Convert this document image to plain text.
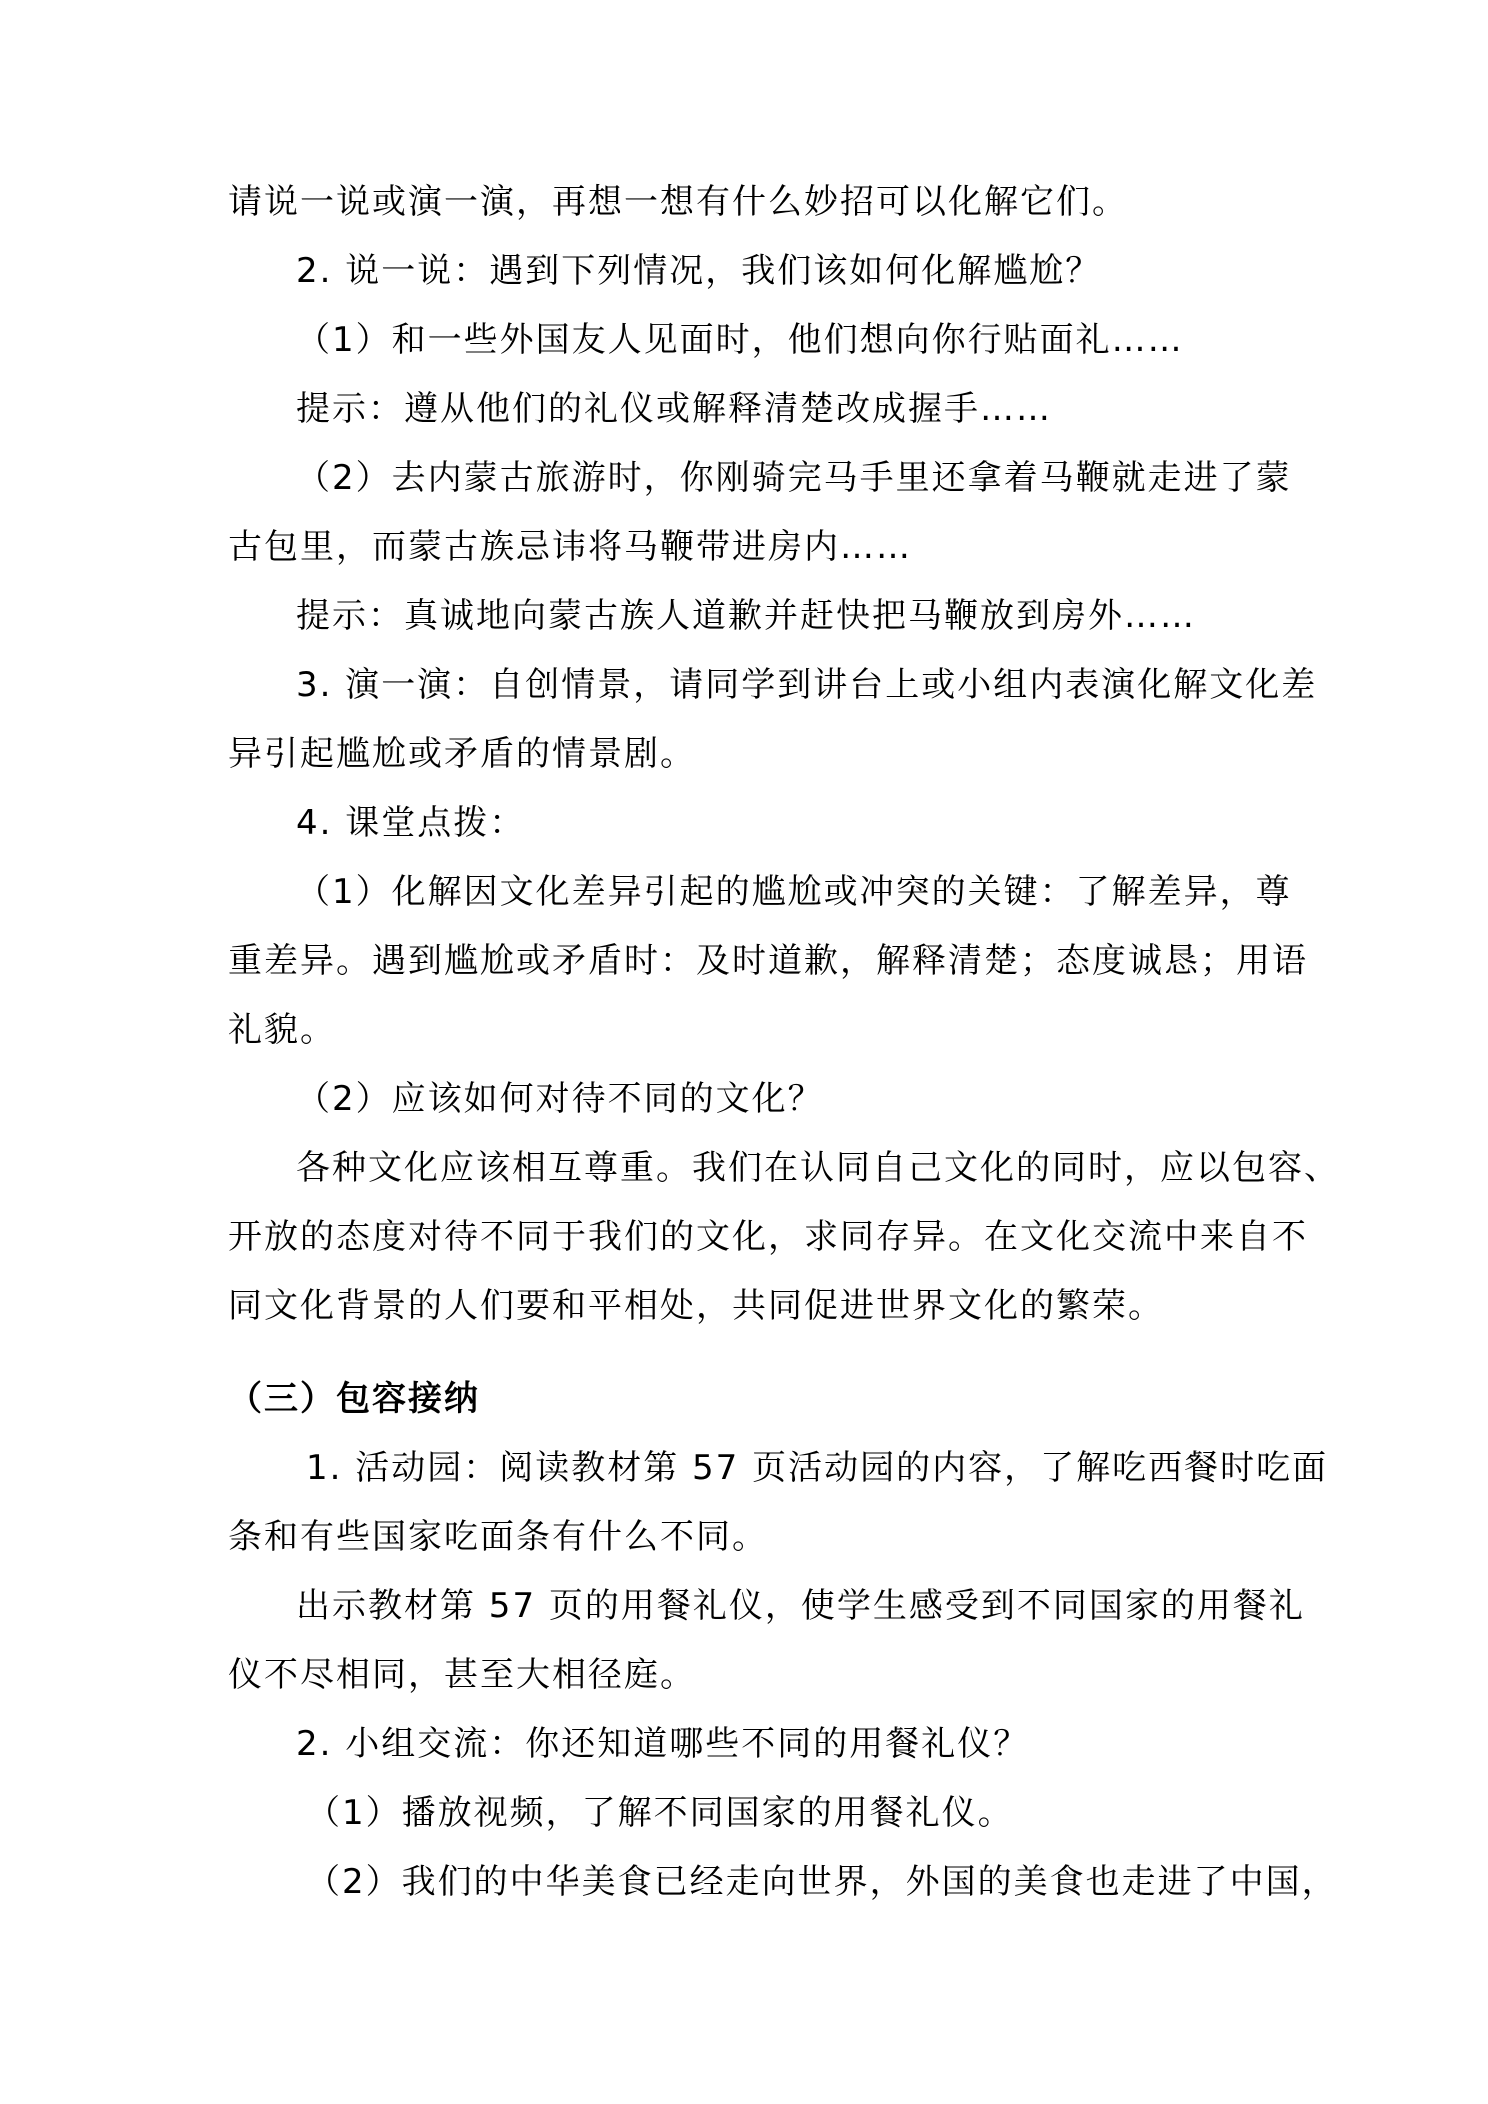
请说一说或演一演，再想一想有什么妙招可以化解它们。
2. 说一说：遇到下列情况，我们该如何化解尴尬？
（1）和一些外国友人见面时，他们想向你行贴面礼……
提示：遵从他们的礼仪或解释清楚改成握手……
（2）去内蒙古旅游时，你刚骑完马手里还拿着马鞭就走进了蒙
古包里，而蒙古族忌讳将马鞭带进房内……
提示：真诚地向蒙古族人道歉并赶快把马鞭放到房外……
3. 演一演：自创情景，请同学到讲台上或小组内表演化解文化差
异引起尴尬或矛盾的情景剧。
4. 课堂点拨：
（1）化解因文化差异引起的尴尬或冲突的关键：了解差异，尊
重差异。遇到尴尬或矛盾时：及时道歉，解释清楚；态度诚恳；用语
礼貌。
（2）应该如何对待不同的文化？
各种文化应该相互尊重。我们在认同自己文化的同时，应以包容、
开放的态度对待不同于我们的文化，求同存异。在文化交流中来自不
同文化背景的人们要和平相处，共同促进世界文化的繁荣。
（三）包容接纳
1. 活动园：阅读教材第 57 页活动园的内容，了解吃西餐时吃面
条和有些国家吃面条有什么不同。
出示教材第 57 页的用餐礼仪，使学生感受到不同国家的用餐礼
仪不尽相同，甚至大相径庭。
2. 小组交流：你还知道哪些不同的用餐礼仪？
（1）播放视频，了解不同国家的用餐礼仪。
（2）我们的中华美食已经走向世界，外国的美食也走进了中国，
